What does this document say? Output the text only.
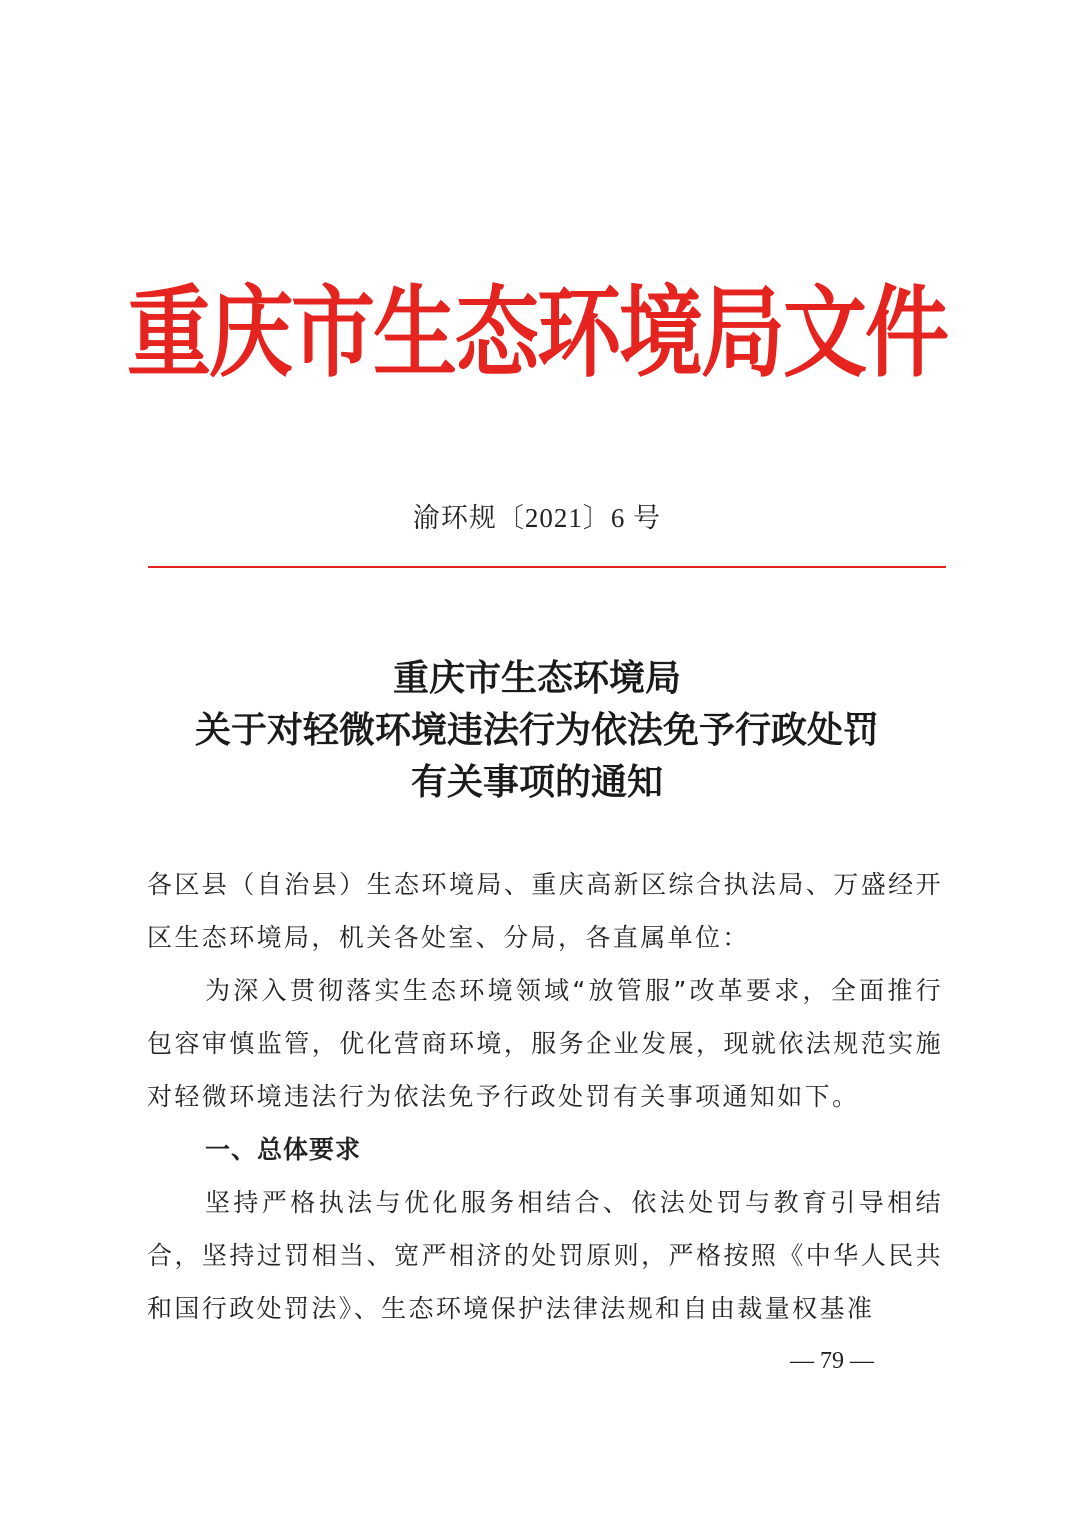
重庆市生态环境局文件
渝环规〔2021〕6 号
重庆市生态环境局
关于对轻微环境违法行为依法免予行政处罚
有关事项的通知

各区县（自治县）生态环境局、重庆高新区综合执法局、万盛经开区生态环境局，机关各处室、分局，各直属单位：

为深入贯彻落实生态环境领域“放管服”改革要求，全面推行包容审慎监管，优化营商环境，服务企业发展，现就依法规范实施对轻微环境违法行为依法免予行政处罚有关事项通知如下。

一、总体要求

坚持严格执法与优化服务相结合、依法处罚与教育引导相结合，坚持过罚相当、宽严相济的处罚原则，严格按照《中华人民共和国行政处罚法》、生态环境保护法律法规和自由裁量权基准

— 79 —
